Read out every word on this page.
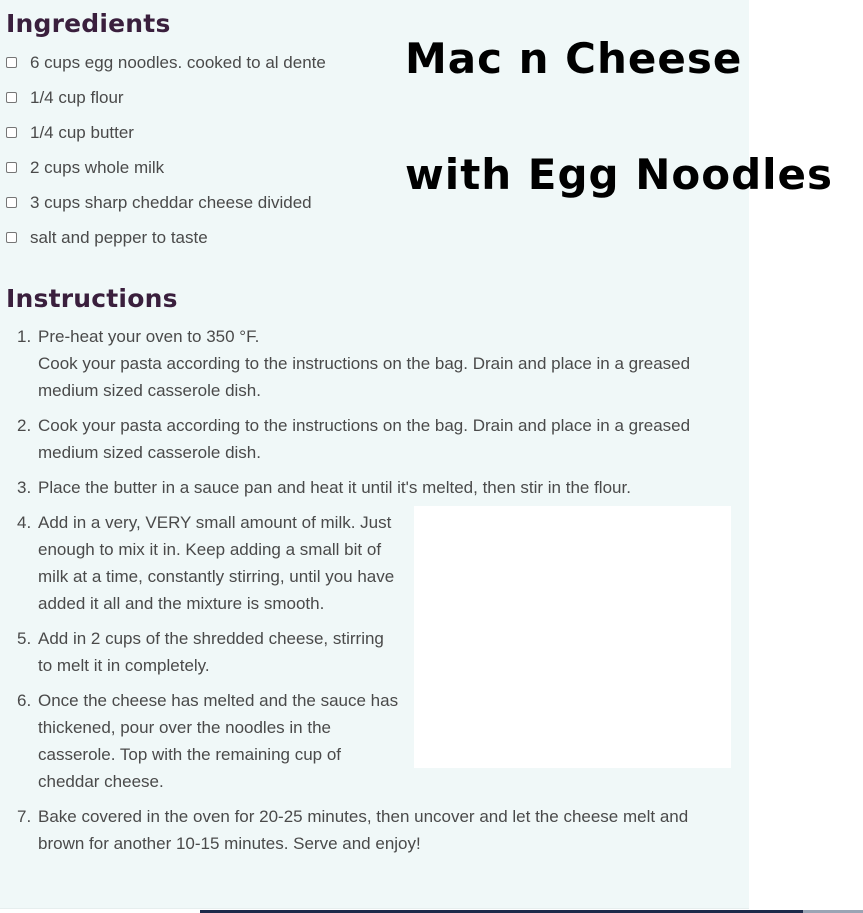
Ingredients
6 cups egg noodles. cooked to al dente
1/4 cup flour
1/4 cup butter
2 cups whole milk
3 cups sharp cheddar cheese divided
salt and pepper to taste
Instructions
1. Pre-heat your oven to 350 °F.
Cook your pasta according to the instructions on the bag. Drain and place in a greased medium sized casserole dish.
2. Cook your pasta according to the instructions on the bag. Drain and place in a greased medium sized casserole dish.
3. Place the butter in a sauce pan and heat it until it's melted, then stir in the flour.
4. Add in a very, VERY small amount of milk. Just enough to mix it in. Keep adding a small bit of milk at a time, constantly stirring, until you have added it all and the mixture is smooth.
5. Add in 2 cups of the shredded cheese, stirring to melt it in completely.
6. Once the cheese has melted and the sauce has thickened, pour over the noodles in the casserole. Top with the remaining cup of cheddar cheese.
7. Bake covered in the oven for 20-25 minutes, then uncover and let the cheese melt and brown for another 10-15 minutes. Serve and enjoy!
Mac n Cheese
with Egg Noodles
